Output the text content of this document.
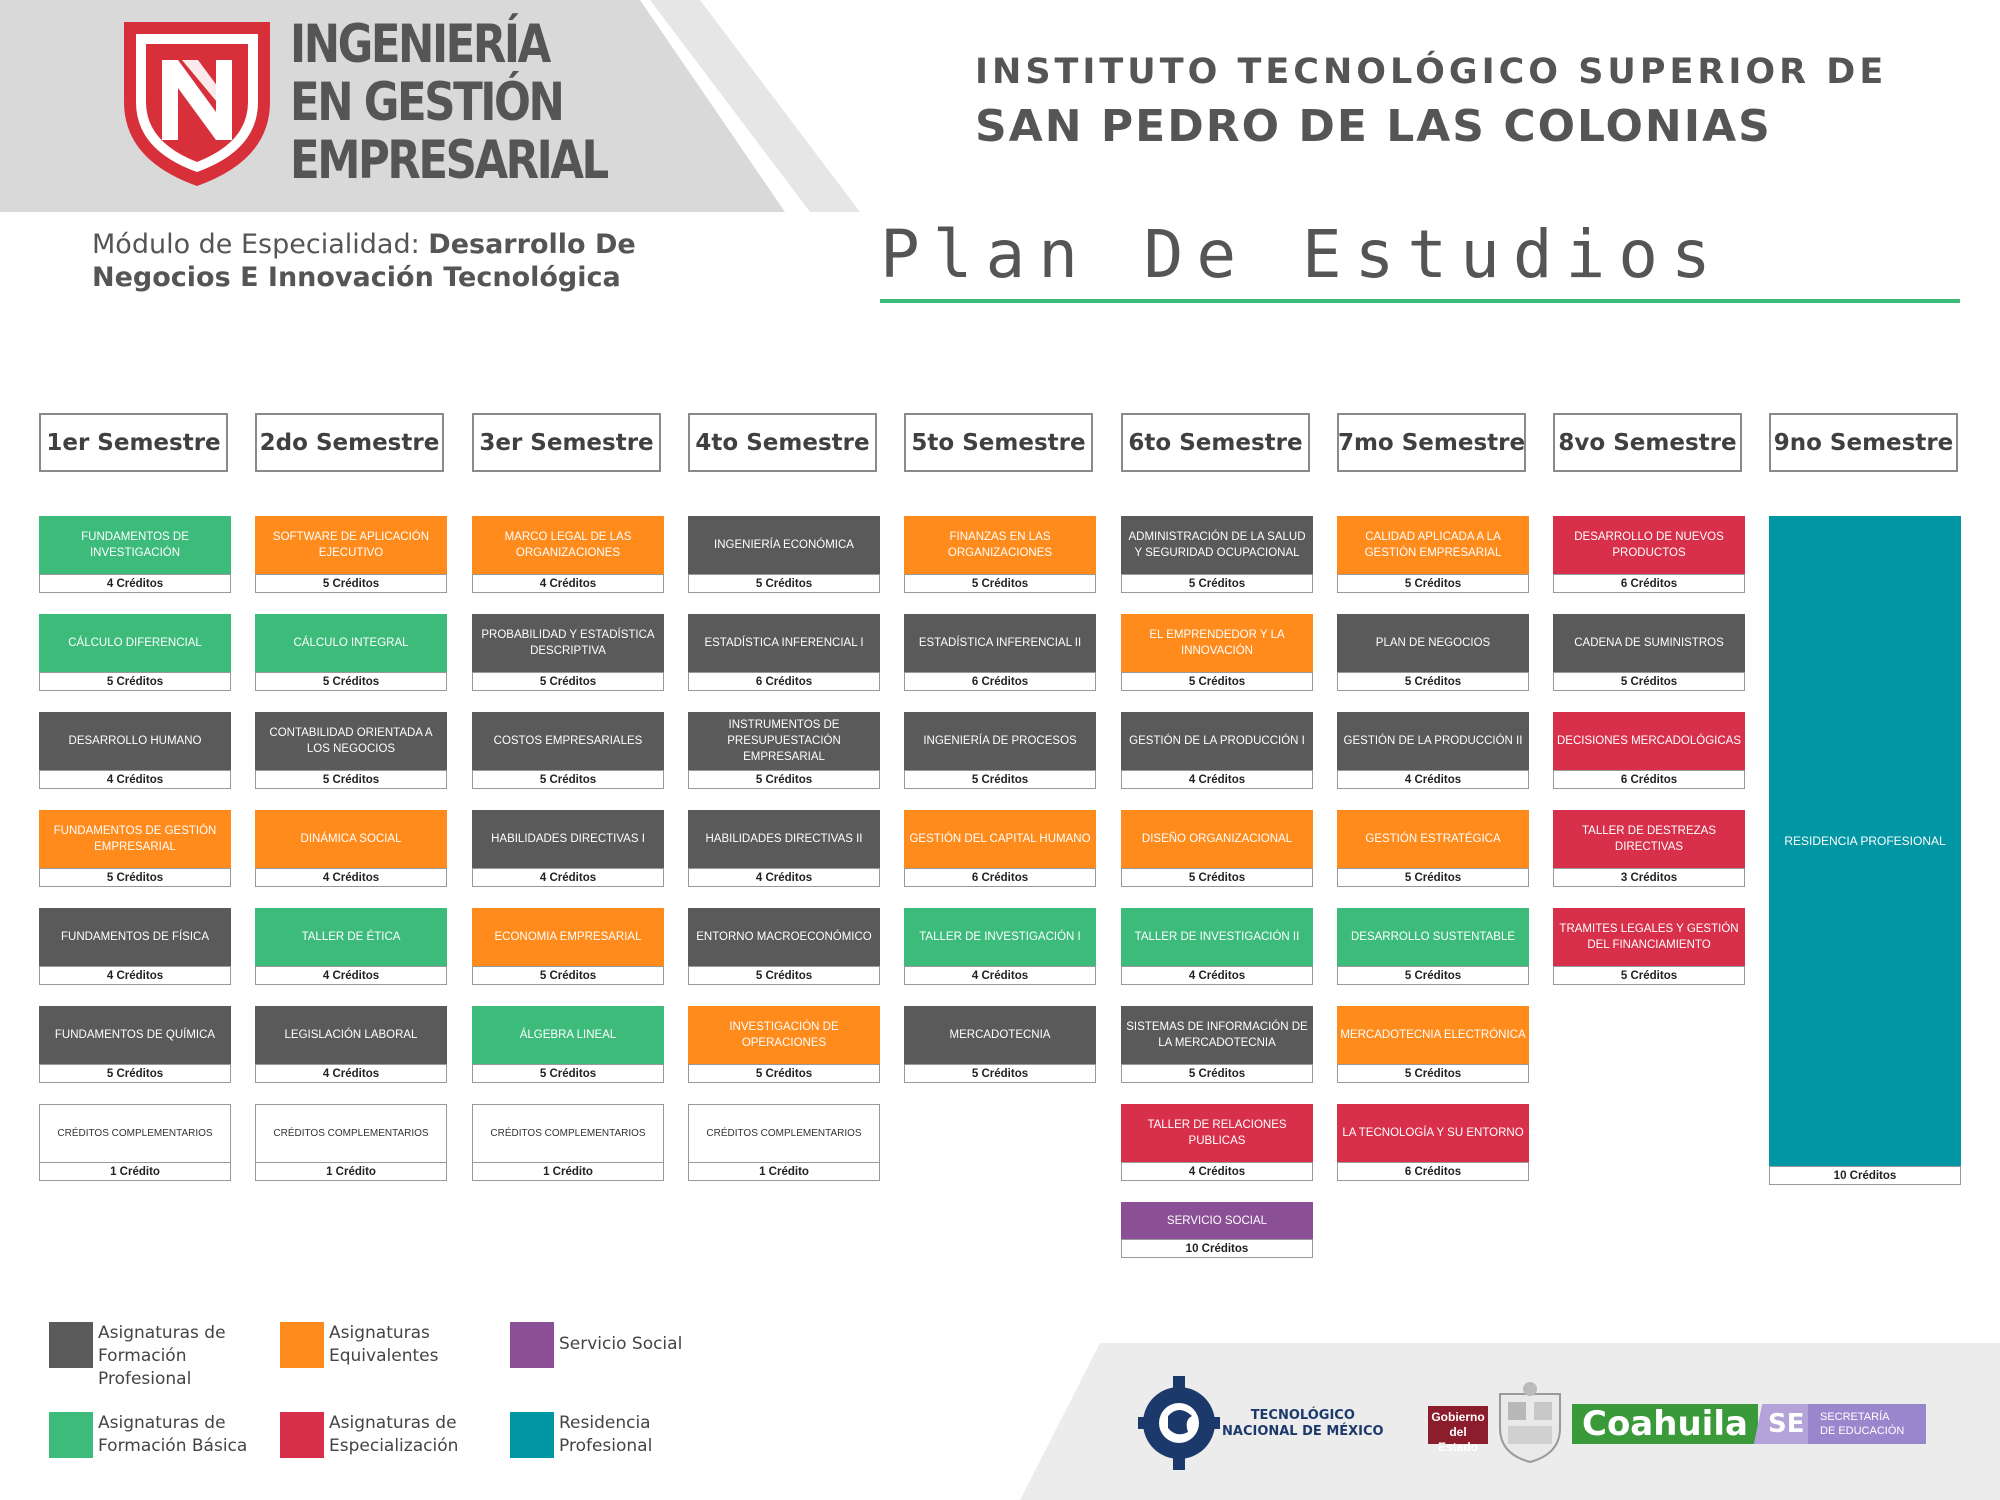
INGENIERÍA
EN GESTIÓN
EMPRESARIAL
INSTITUTO TECNOLÓGICO SUPERIOR DE
SAN PEDRO DE LAS COLONIAS
Módulo de Especialidad: Desarrollo De Negocios E Innovación Tecnológica	Plan De Estudios
1er Semestre
FUNDAMENTOS DE INVESTIGACIÓN
4 Créditos
CÁLCULO DIFERENCIAL
5 Créditos
DESARROLLO HUMANO
4 Créditos
FUNDAMENTOS DE GESTIÓN EMPRESARIAL
5 Créditos
FUNDAMENTOS DE FÍSICA
4 Créditos
FUNDAMENTOS DE QUÍMICA
5 Créditos
CRÉDITOS COMPLEMENTARIOS
1 Crédito
2do Semestre
SOFTWARE DE APLICACIÓN EJECUTIVO
5 Créditos
CÁLCULO INTEGRAL
5 Créditos
CONTABILIDAD ORIENTADA A LOS NEGOCIOS
5 Créditos
DINÁMICA SOCIAL
4 Créditos
TALLER DE ÉTICA
4 Créditos
LEGISLACIÓN LABORAL
4 Créditos
CRÉDITOS COMPLEMENTARIOS
1 Crédito
3er Semestre
MARCO LEGAL DE LAS ORGANIZACIONES
4 Créditos
PROBABILIDAD Y ESTADÍSTICA DESCRIPTIVA
5 Créditos
COSTOS EMPRESARIALES
5 Créditos
HABILIDADES DIRECTIVAS I
4 Créditos
ECONOMIA EMPRESARIAL
5 Créditos
ÁLGEBRA LINEAL
5 Créditos
CRÉDITOS COMPLEMENTARIOS
1 Crédito
4to Semestre
INGENIERÍA ECONÓMICA
5 Créditos
ESTADÍSTICA INFERENCIAL I
6 Créditos
INSTRUMENTOS DE PRESUPUESTACIÓN EMPRESARIAL
5 Créditos
HABILIDADES DIRECTIVAS II
4 Créditos
ENTORNO MACROECONÓMICO
5 Créditos
INVESTIGACIÓN DE OPERACIONES
5 Créditos
CRÉDITOS COMPLEMENTARIOS
1 Crédito
5to Semestre
FINANZAS EN LAS ORGANIZACIONES
5 Créditos
ESTADÍSTICA INFERENCIAL II
6 Créditos
INGENIERÍA DE PROCESOS
5 Créditos
GESTIÓN DEL CAPITAL HUMANO
6 Créditos
TALLER DE INVESTIGACIÓN I
4 Créditos
MERCADOTECNIA
5 Créditos
6to Semestre
ADMINISTRACIÓN DE LA SALUD Y SEGURIDAD OCUPACIONAL
5 Créditos
EL EMPRENDEDOR Y LA INNOVACIÓN
5 Créditos
GESTIÓN DE LA PRODUCCIÓN I
4 Créditos
DISEÑO ORGANIZACIONAL
5 Créditos
TALLER DE INVESTIGACIÓN II
4 Créditos
SISTEMAS DE INFORMACIÓN DE LA MERCADOTECNIA
5 Créditos
TALLER DE RELACIONES PUBLICAS
4 Créditos
SERVICIO SOCIAL
10 Créditos
7mo Semestre
CALIDAD APLICADA A LA GESTIÓN EMPRESARIAL
5 Créditos
PLAN DE NEGOCIOS
5 Créditos
GESTIÓN DE LA PRODUCCIÓN II
4 Créditos
GESTIÓN ESTRATÉGICA
5 Créditos
DESARROLLO SUSTENTABLE
5 Créditos
MERCADOTECNIA ELECTRÓNICA
5 Créditos
LA TECNOLOGÍA Y SU ENTORNO
6 Créditos
8vo Semestre
DESARROLLO DE NUEVOS PRODUCTOS
6 Créditos
CADENA DE SUMINISTROS
5 Créditos
DECISIONES MERCADOLÓGICAS
6 Créditos
TALLER DE DESTREZAS DIRECTIVAS
3 Créditos
TRAMITES LEGALES Y GESTIÓN DEL FINANCIAMIENTO
5 Créditos
9no Semestre
RESIDENCIA PROFESIONAL
10 Créditos
Asignaturas de Formación Profesional
Asignaturas Equivalentes
Servicio Social
Asignaturas de Formación Básica
Asignaturas de Especialización
Residencia Profesional
TECNOLÓGICO
NACIONAL DE MÉXICO
Gobierno
del Estado
Coahuila SE SECRETARÍA
DE EDUCACIÓN
